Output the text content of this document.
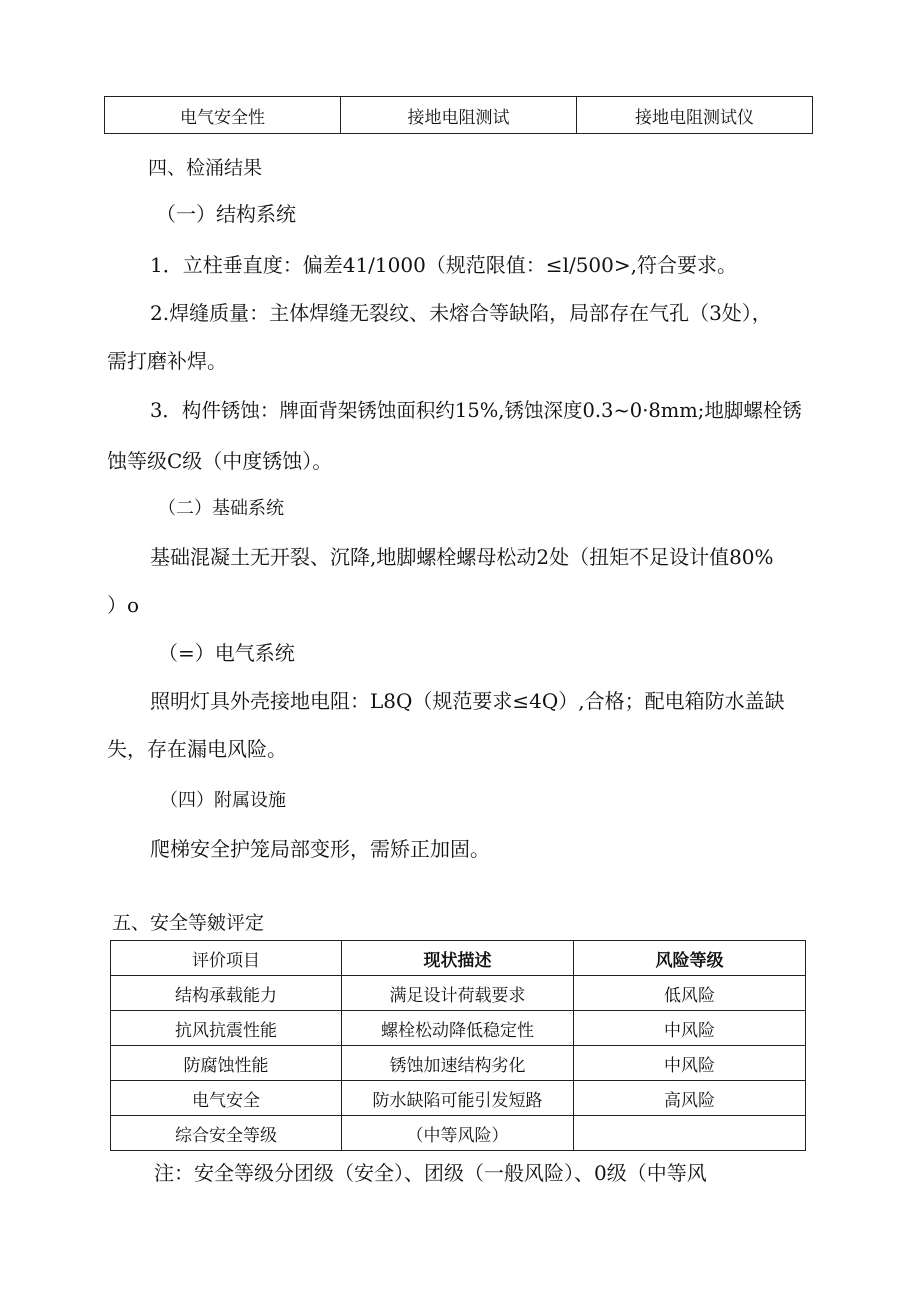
电气安全性	接地电阻测试	接地电阻测试仪
四、检涌结果
（一）结构系统
1．立柱垂直度：偏差41/1000（规范限值：≤l∕500>,符合要求。
2.焊缝质量：主体焊缝无裂纹、未熔合等缺陷，局部存在气孔（3处），
需打磨补焊。
3．构件锈蚀：牌面背架锈蚀面积约15%,锈蚀深度0.3~0·8mm;地脚螺栓锈
蚀等级C级（中度锈蚀）。
（二）基础系统
基础混凝土无开裂、沉降,地脚螺栓螺母松动2处（扭矩不足设计值80%
）o
（=）电气系统
照明灯具外壳接地电阻：L8Q（规范要求≤4Q）,合格；配电箱防水盖缺
失，存在漏电风险。
（四）附属设施
爬梯安全护笼局部变形，需矫正加固。
五、安全等皴评定
评价项目	现状描述	风险等级
结构承载能力	满足设计荷载要求	低风险
抗风抗震性能	螺栓松动降低稳定性	中风险
防腐蚀性能	锈蚀加速结构劣化	中风险
电气安全	防水缺陷可能引发短路	高风险
综合安全等级	（中等风险）	
注：安全等级分团级（安全）、团级（一般风险）、0级（中等风
